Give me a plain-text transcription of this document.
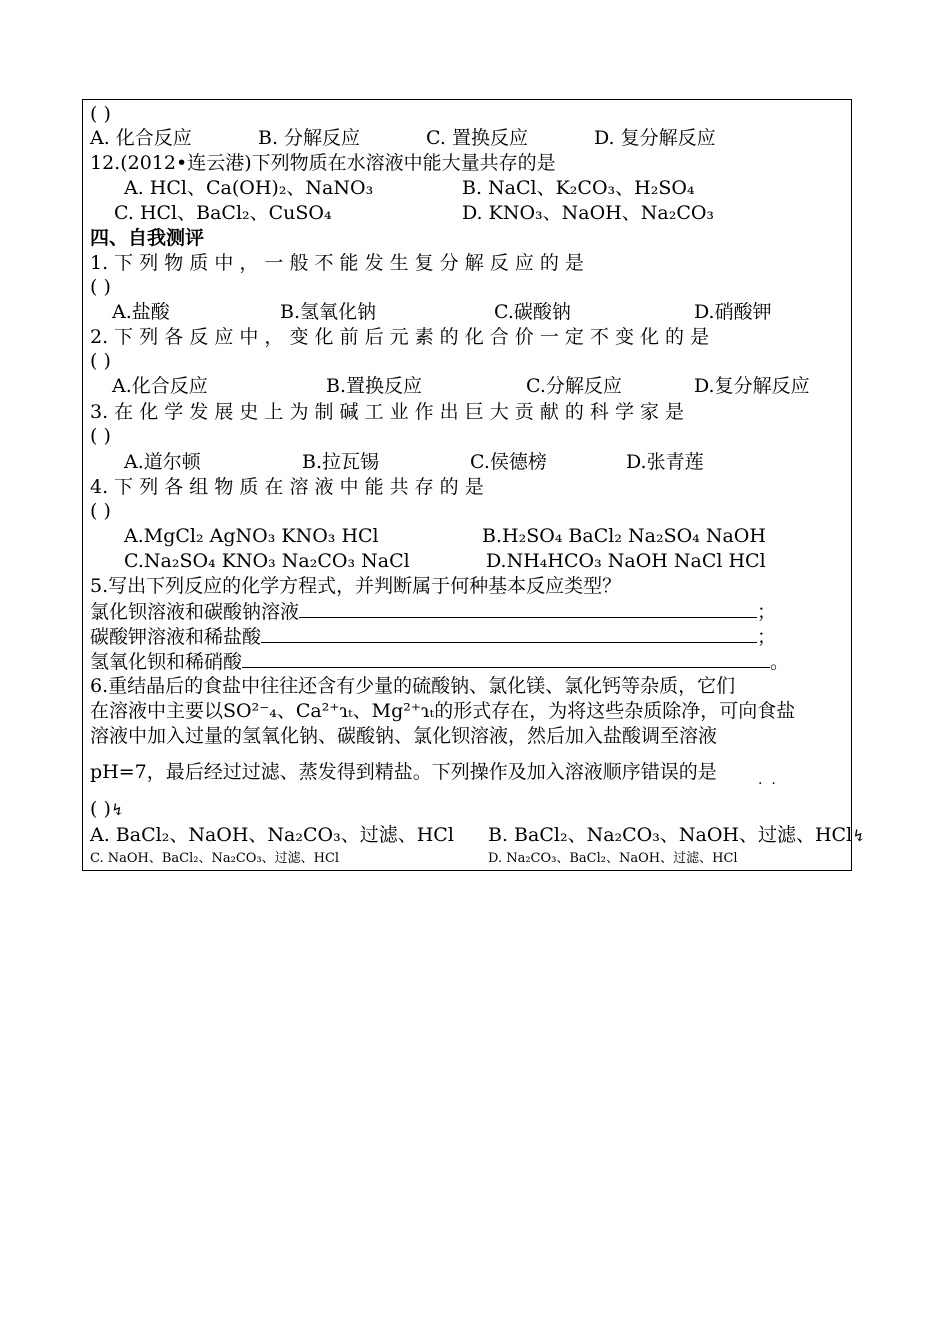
( )
A. 化合反应	B. 分解反应	C. 置换反应	D. 复分解反应
12.(2012•连云港)下列物质在水溶液中能大量共存的是
A. HCl、Ca(OH)₂、NaNO₃	B. NaCl、K₂CO₃、H₂SO₄
C. HCl、BaCl₂、CuSO₄	D. KNO₃、NaOH、Na₂CO₃
四、自我测评
1. 下 列 物 质 中 ， 一 般 不 能 发 生 复 分 解 反 应 的 是
( )
A.盐酸	B.氢氧化钠	C.碳酸钠	D.硝酸钾
2. 下 列 各 反 应 中 ， 变 化 前 后 元 素 的 化 合 价 一 定 不 变 化 的 是
( )
A.化合反应	B.置换反应	C.分解反应	D.复分解反应
3. 在 化 学 发 展 史 上 为 制 碱 工 业 作 出 巨 大 贡 献 的 科 学 家 是
( )
A.道尔顿	B.拉瓦锡	C.侯德榜	D.张青莲
4. 下 列 各 组 物 质 在 溶 液 中 能 共 存 的 是
( )
A.MgCl₂ AgNO₃ KNO₃ HCl	B.H₂SO₄ BaCl₂ Na₂SO₄ NaOH
C.Na₂SO₄ KNO₃ Na₂CO₃ NaCl	D.NH₄HCO₃ NaOH NaCl HCl
5.写出下列反应的化学方程式，并判断属于何种基本反应类型？
氯化钡溶液和碳酸钠溶液	；
碳酸钾溶液和稀盐酸	；
氢氧化钡和稀硝酸	。
6.重结晶后的食盐中往往还含有少量的硫酸钠、氯化镁、氯化钙等杂质，它们
在溶液中主要以SO²⁻₄、Ca²⁺ɿₜ、Mg²⁺ɿₜ的形式存在，为将这些杂质除净，可向食盐
溶液中加入过量的氢氧化钠、碳酸钠、氯化钡溶液，然后加入盐酸调至溶液
pH=7，最后经过过滤、蒸发得到精盐。下列操作及加入溶液顺序错误的是
·  ·
( )↯
A. BaCl₂、NaOH、Na₂CO₃、过滤、HCl B. BaCl₂、Na₂CO₃、NaOH、过滤、HCl↯
C. NaOH、BaCl₂、Na₂CO₃、过滤、HCl	D. Na₂CO₃、BaCl₂、NaOH、过滤、HCl
